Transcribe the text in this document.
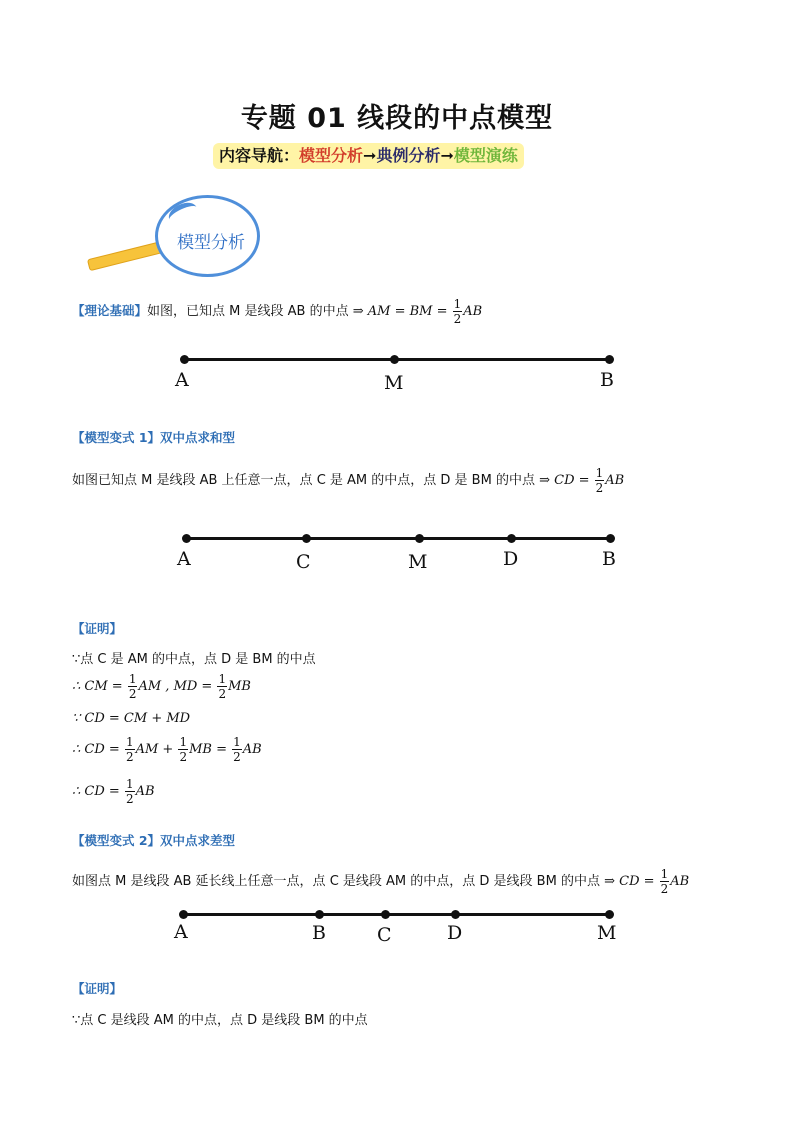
专题 01 线段的中点模型
内容导航：模型分析➞典例分析➞模型演练
模型分析
【理论基础】如图，已知点 M 是线段 AB 的中点 ⇒ AM = BM = $\frac{1}{2}$ AB
A	M	B
【模型变式 1】双中点求和型
如图已知点 M 是线段 AB 上任意一点，点 C 是 AM 的中点，点 D 是 BM 的中点 ⇒ CD = $\frac{1}{2}$ AB
A	C	M	D	B
【证明】
∵点 C 是 AM 的中点，点 D 是 BM 的中点
∴ CM = $\frac{1}{2}$ AM , MD = $\frac{1}{2}$ MB
∵ CD = CM + MD
∴ CD = $\frac{1}{2}$ AM + $\frac{1}{2}$ MB = $\frac{1}{2}$ AB
∴ CD = $\frac{1}{2}$ AB
【模型变式 2】双中点求差型
如图点 M 是线段 AB 延长线上任意一点，点 C 是线段 AM 的中点，点 D 是线段 BM 的中点 ⇒ CD = $\frac{1}{2}$ AB
A	B	C	D	M
【证明】
∵点 C 是线段 AM 的中点，点 D 是线段 BM 的中点
